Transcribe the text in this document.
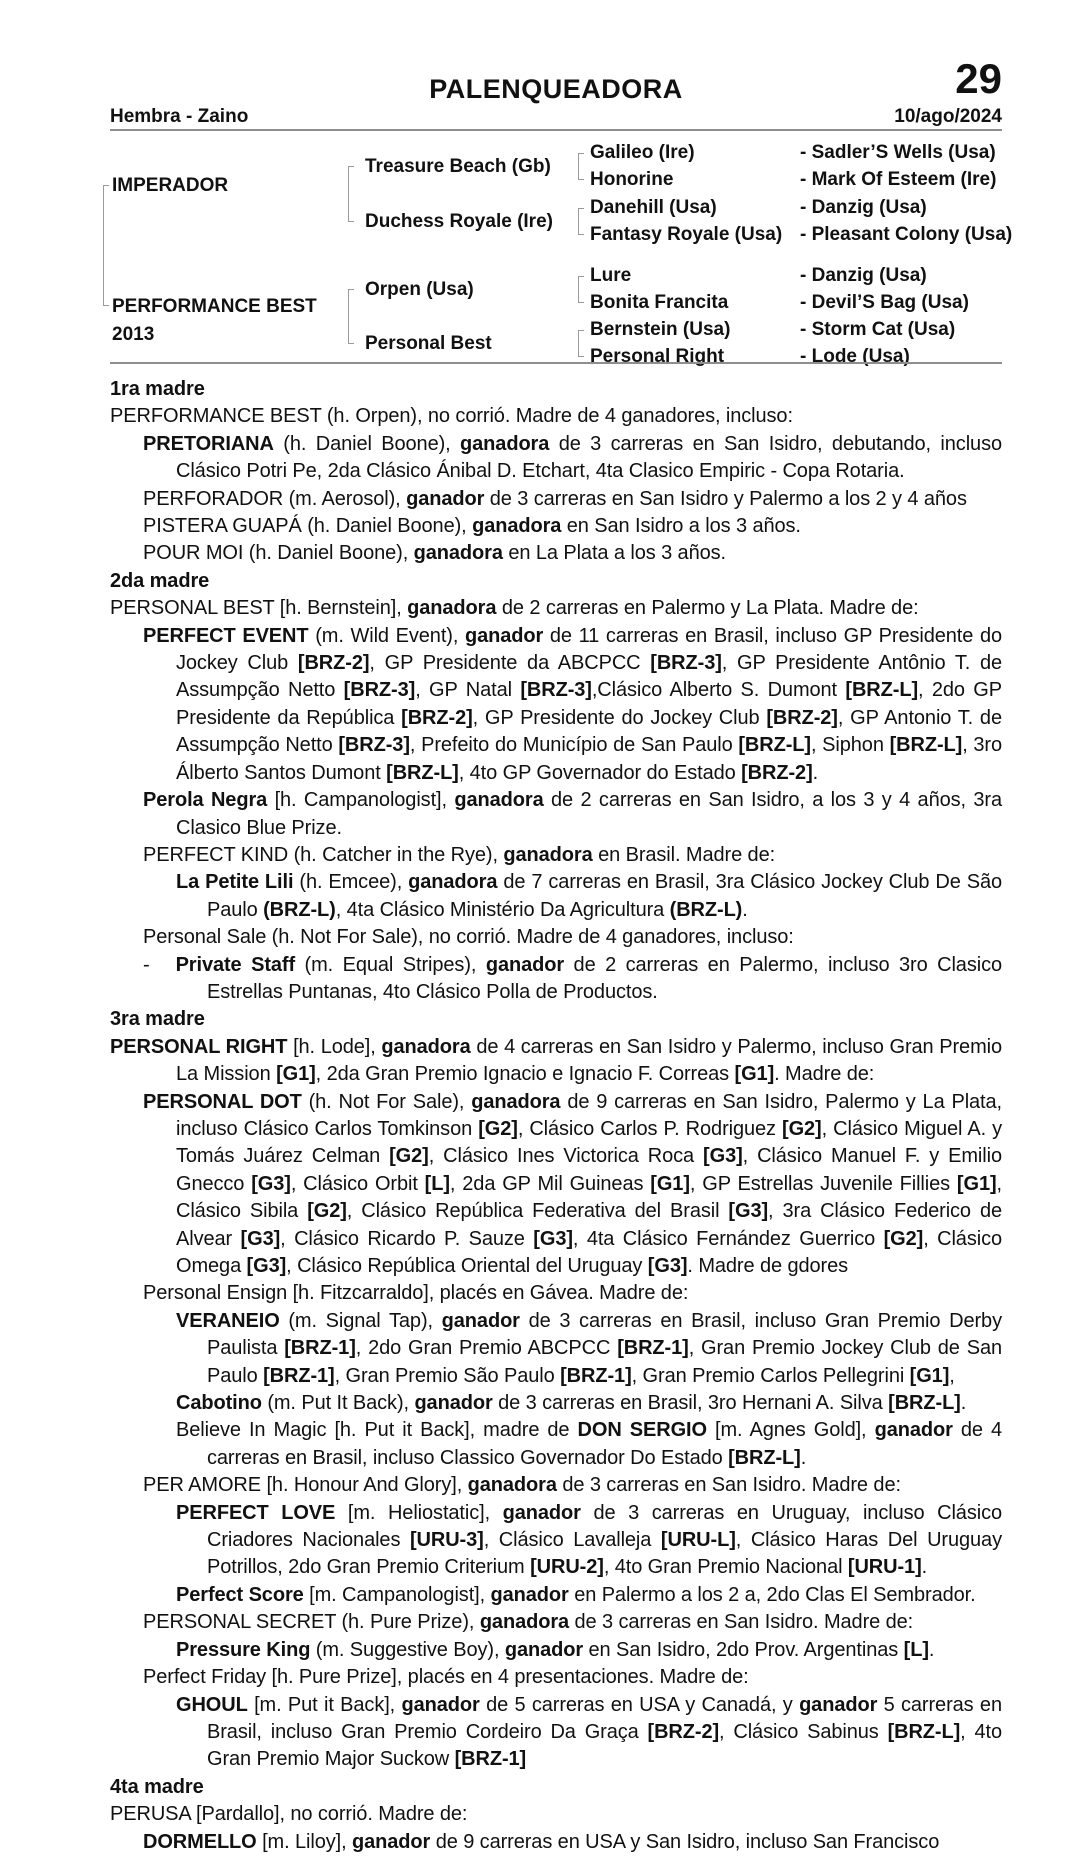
PALENQUEADORA	29
Hembra - Zaino	10/ago/2024
IMPERADOR
PERFORMANCE BEST
2013
Treasure Beach (Gb)
Duchess Royale (Ire)
Orpen (Usa)
Personal Best
Galileo (Ire)
Honorine
Danehill (Usa)
Fantasy Royale (Usa)
Lure
Bonita Francita
Bernstein (Usa)
Personal Right
- Sadler’S Wells (Usa)
- Mark Of Esteem (Ire)
- Danzig (Usa)
- Pleasant Colony (Usa)
- Danzig (Usa)
- Devil’S Bag (Usa)
- Storm Cat (Usa)
- Lode (Usa)
1ra madre
PERFORMANCE BEST (h. Orpen), no corrió. Madre de 4 ganadores, incluso:
PRETORIANA (h. Daniel Boone), ganadora de 3 carreras en San Isidro, debutando, incluso Clásico Potri Pe, 2da Clásico Ánibal D. Etchart, 4ta Clasico Empiric - Copa Rotaria.
PERFORADOR (m. Aerosol), ganador de 3 carreras en San Isidro y Palermo a los 2 y 4 años
PISTERA GUAPÁ (h. Daniel Boone), ganadora en San Isidro a los 3 años.
POUR MOI (h. Daniel Boone), ganadora en La Plata a los 3 años.
2da madre
PERSONAL BEST [h. Bernstein], ganadora de 2 carreras en Palermo y La Plata. Madre de:
PERFECT EVENT (m. Wild Event), ganador de 11 carreras en Brasil, incluso GP Presidente do Jockey Club [BRZ-2], GP Presidente da ABCPCC [BRZ-3], GP Presidente Antônio T. de Assumpção Netto [BRZ-3], GP Natal [BRZ-3],Clásico Alberto S. Dumont [BRZ-L], 2do GP Presidente da República [BRZ-2], GP Presidente do Jockey Club [BRZ-2], GP Antonio T. de Assumpção Netto [BRZ-3], Prefeito do Município de San Paulo [BRZ-L], Siphon [BRZ-L], 3ro Álberto Santos Dumont [BRZ-L], 4to GP Governador do Estado [BRZ-2].
Perola Negra [h. Campanologist], ganadora de 2 carreras en San Isidro, a los 3 y 4 años, 3ra Clasico Blue Prize.
PERFECT KIND (h. Catcher in the Rye), ganadora en Brasil. Madre de:
La Petite Lili (h. Emcee), ganadora de 7 carreras en Brasil, 3ra Clásico Jockey Club De São Paulo (BRZ-L), 4ta Clásico Ministério Da Agricultura (BRZ-L).
Personal Sale (h. Not For Sale), no corrió. Madre de 4 ganadores, incluso:
- Private Staff (m. Equal Stripes), ganador de 2 carreras en Palermo, incluso 3ro Clasico Estrellas Puntanas, 4to Clásico Polla de Productos.
3ra madre
PERSONAL RIGHT [h. Lode], ganadora de 4 carreras en San Isidro y Palermo, incluso Gran Premio La Mission [G1], 2da Gran Premio Ignacio e Ignacio F. Correas [G1]. Madre de:
PERSONAL DOT (h. Not For Sale), ganadora de 9 carreras en San Isidro, Palermo y La Plata, incluso Clásico Carlos Tomkinson [G2], Clásico Carlos P. Rodriguez [G2], Clásico Miguel A. y Tomás Juárez Celman [G2], Clásico Ines Victorica Roca [G3], Clásico Manuel F. y Emilio Gnecco [G3], Clásico Orbit [L], 2da GP Mil Guineas [G1], GP Estrellas Juvenile Fillies [G1], Clásico Sibila [G2], Clásico República Federativa del Brasil [G3], 3ra Clásico Federico de Alvear [G3], Clásico Ricardo P. Sauze [G3], 4ta Clásico Fernández Guerrico [G2], Clásico Omega [G3], Clásico República Oriental del Uruguay [G3]. Madre de gdores
Personal Ensign [h. Fitzcarraldo], placés en Gávea. Madre de:
VERANEIO (m. Signal Tap), ganador de 3 carreras en Brasil, incluso Gran Premio Derby Paulista [BRZ-1], 2do Gran Premio ABCPCC [BRZ-1], Gran Premio Jockey Club de San Paulo [BRZ-1], Gran Premio São Paulo [BRZ-1], Gran Premio Carlos Pellegrini [G1],
Cabotino (m. Put It Back), ganador de 3 carreras en Brasil, 3ro Hernani A. Silva [BRZ-L].
Believe In Magic [h. Put it Back], madre de DON SERGIO [m. Agnes Gold], ganador de 4 carreras en Brasil, incluso Classico Governador Do Estado [BRZ-L].
PER AMORE [h. Honour And Glory], ganadora de 3 carreras en San Isidro. Madre de:
PERFECT LOVE [m. Heliostatic], ganador de 3 carreras en Uruguay, incluso Clásico Criadores Nacionales [URU-3], Clásico Lavalleja [URU-L], Clásico Haras Del Uruguay Potrillos, 2do Gran Premio Criterium [URU-2], 4to Gran Premio Nacional [URU-1].
Perfect Score [m. Campanologist], ganador en Palermo a los 2 a, 2do Clas El Sembrador.
PERSONAL SECRET (h. Pure Prize), ganadora de 3 carreras en San Isidro. Madre de:
Pressure King (m. Suggestive Boy), ganador en San Isidro, 2do Prov. Argentinas [L].
Perfect Friday [h. Pure Prize], placés en 4 presentaciones. Madre de:
GHOUL [m. Put it Back], ganador de 5 carreras en USA y Canadá, y ganador 5 carreras en Brasil, incluso Gran Premio Cordeiro Da Graça [BRZ-2], Clásico Sabinus [BRZ-L], 4to Gran Premio Major Suckow [BRZ-1]
4ta madre
PERUSA [Pardallo], no corrió. Madre de:
DORMELLO [m. Liloy], ganador de 9 carreras en USA y San Isidro, incluso San Francisco
